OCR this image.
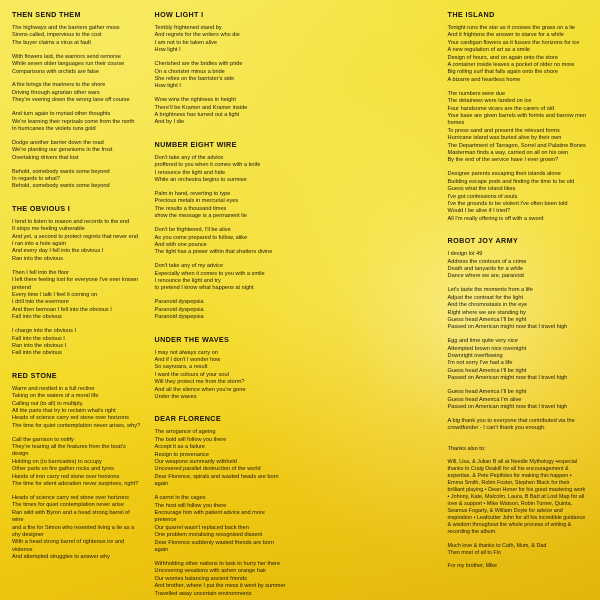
THEN SEND THEM
The highways and the barriers gather moss
Sirens called, impervious to the cost
The buyer claims a virus at fault
With flowers laid, the warriors send remorse
While seven older languages run their course
Comparisons with orchids are false
A fire brings the mariners to the shore
Driving through agrarian other wars
They're veering down the wrong lane off course
And turn again to myriad other thoughts
We're learning their reprisals come from the north
In hurricanes the violets runs gold
Dodge another barrier down the road
We're planting our geraniums in the frost
Overtaking drivers that lost
Behold, somebody wants some beyond
In regards to what?
Behold, somebody wants some beyond
THE OBVIOUS I
I tend to listen to reason and records to the end
It stops me feeling vulnerable
And yet, a second to protect regrets that never end
I ran into a hole again
And every day I fell into the obvious I
Ran into the obvious
Then I fell into the floor
I left there feeling lost for everyone I've ever known pretend
Every time I talk I feel it coming on
I drill into the evermore
And then bemoan I fell into the obvious I
Fall into the obvious
I charge into the obvious I
Fall into the obvious I
Ran into the obvious I
Fall into the obvious
RED STONE
Warm and nestled in a full recline
Taking on the waters of a moral life
Calling out (to all) to multiply.
All the parts that try to reclaim what's right
Heads of science carry red stone over horizons
The time for quiet contemplation never arises, why?
Call the garrison to notify
They're tearing all the features from the boat's design
Holding on (to barricades) to occupy
Other parts on fire gather rocks and tyres
Hands of iron carry red stone over horizons
The time for silent adoration never surprises, right?
Heads of science carry red stone over horizons
The times for quiet contemplation never arise
Ran wild with Byron and a head strong barrel of wine
and a fire for Simon who resented living a lie as a shy designer
With a head strong barrel of righteous ire and violence
And attempted struggles to answer why
HOW LIGHT I
Terribly frightened stand by
And regrets for the writers who die
I am not to be taken alive
How light I
Cherished are the bridles with pride
On a chorister minus a bride
She relies on the barrister's side
How tight I
Wow wins the rightness in height
There'll be Kramer and Kramer inside
A brightness has turned out a light
And by I die
NUMBER EIGHT WIRE
Don't take any of the advice
proffered to you when it comes with a knife
I renounce the light and hide
While an orchestra begins to surmise
Palm in hand, reverting to type
Precious metals in mercurial eyes
The results a thousand times
show the message is a permanent lie
Don't be frightened, I'll be alive
As you come prepared to follow, alike
And with one pounce
The light has a power within that shatters divine
Don't take any of my advice
Especially when it comes to you with a smile
I renounce the light and try
to pretend I know what happens at night
Paranoid dyspepsia
Paranoid dyspepsia
Paranoid dyspepsia
UNDER THE WAVES
I may not always carry on
And if I don't I wonder how
So saynoara, a result
I want the colours of your soul
Will they protect me from the storm?
And all the silence when you're gone
Under the waves
DEAR FLORENCE
The arrogance of ageing
The bold will follow you there
Accept it as a failure
Resign to provenance
Our weapons summarily withheld
Uncovered parallel destruction of the world
Dear Florence, spirals and wasted heads are born again
A carrot in the cages
The host will follow you there
Encourage him with patient advice and more pretence
Our quarrel wasn't replaced back then
One problem moralising recognised dissent
Dear Florence suddenly wasted friends are born again
Withholding other nations to task to hurry her there
Uncovering vexations with ashen orange hair
Our worries balancing ancient friends
And brother, where I put the mess it went by summer
Travelled away uncertain environments
THE ISLAND
Tonight runs the star as it crosses the grass on a lie
And it frightens the answer to starve for a while
Your cardigan flowers as it fusses the horizons for ice
A new regulation of art as a smile
Design of hours, and on again onto the store
A container inside leaves a pocket of older no more
Big rolling surf that falls again onto the shore
A bizarre and heartless home
The numbers were due
The detainees were landed on ice
Four handsome vicars are the carers of old
Your base are given barrels with forints and barrow men homes
To press sand and present the relevant forms
Hurricane island was buried alive by their own
The Department of Tarragon, Sorrel and Palatine Bones
Masterman finds a way, carried on all on his own
By the end of the service have I ever grown?
Designer parents escaping their islands alone
Building escape pods and finding the time to be old
Guess what the island likes
I've got confessions of souls
I've the grounds to be violent I've often been told
Would I be alive if I tried?
All I'm really offering is off with a sword
ROBOT JOY ARMY
I design lot 49
Address the contours of a crime
Death and lanyards for a while
Dance where we are, paranoid
Let's taste the moments from a life
Adjust the contrast for the light
And the chromostasis in the eye
Right where we are standing by
Guess head America I'll be right
Passed on American might now that I travel high
Egg and lime quite very nice
Attempted brown nice overnight
Downright overflowing
I'm not sorry I've had a life
Guess head America I'll be right
Passed on American might now that I travel high
Guess head America I'll be right
Guess head America I'm alive
Passed on American might now that I travel high
A big thank you to everyone that contributed via the
crowdfunder - I can't thank you enough.
Thanks also to:
Will, Lisa, & Julian B all at Needle Mythology •especial thanks to Craig Deakill for all his encouragement & expertise, & Pete Pepifoles for making this happen • Emma Smith, Robin Foster, Stephen Black for their brilliant playing • Dean Honer for his great mastering work • Johnny, Kate, Malcolm, Laura, B Bart at Lost Map for all love & support • Mike Watson, Robin Turner, Quinta, Seamus Fogarty, & William Doyle for advice and inspiration • Leafcutter John for all his incredible guidance & wisdom throughout the whole process of writing & recording the album.
Much love & thanks to Cath, Mum, & Dad
Then most of all to Flo
For my brother, Mike
